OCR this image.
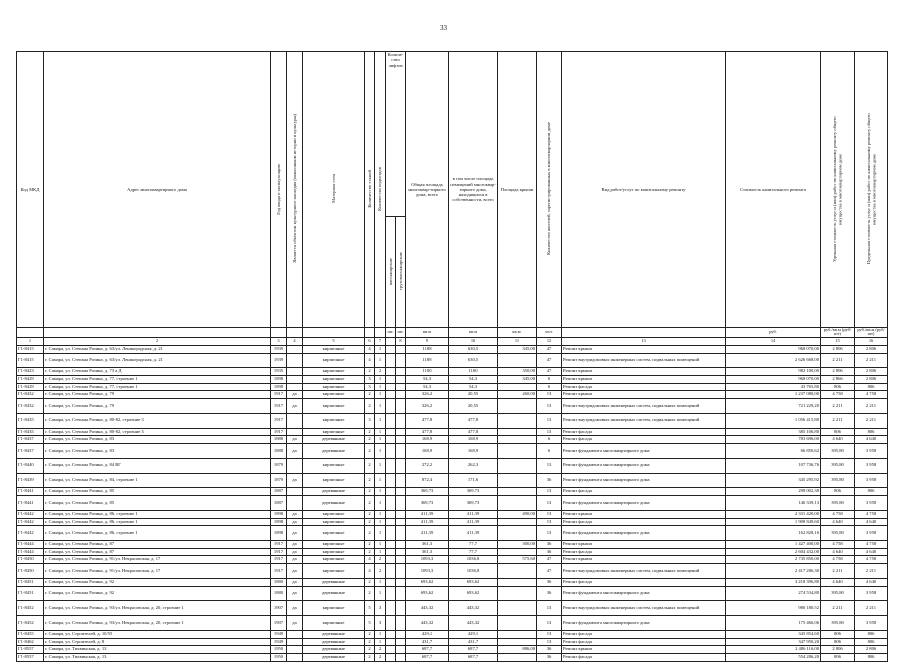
33
Код МКД	Адрес многоквартирного дома	Год ввода в эксплуатацию	Является объектом культурного наследия (памятником истории и культуры)	Материал стен	Количество этажей	Количество подъездов	Количе-ство лифтов		Общая площадь многоквар-тирного дома, всего	в том числе площадь помещений многоквар-тирного дома, находящихся в собственности, всего	Площадь крыши	Количество жителей, зарегистрированных в многоквартирном доме	Вид работ/услуг по капитальному ремонту	Стоимость капитального ремонта	Удельная стоимость услуг и (или) работ по капитальному ремонту общего имущества в многоквартирном доме	Предельная стоимость услуг и (или) работ по капитальному ремонту общего имущества в многоквартирном доме
							пассажирские	грузопассажирские								
							шт.	шт.	кв.м	кв.м	кв.м.	чел.		руб.	руб./кв.м (руб/шт)	руб./кв.м (руб/шт)
1	2	3	4	5	6	7		8	9	10	11	12	13	14	15	16
Г1-8415	г. Самара, ул. Степана Разина, д. 63/ул. Ленинградская, д. 21	1939		кирпичные	4	1			1188	630,5	345,00	47	Ремонт крыши	968 070,00	2 806	2 806
Г1-8415	г. Самара, ул. Степана Разина, д. 63/ул. Ленинградская, д. 21	1939		кирпичные	4	1			1188	630,5		47	Ремонт внутридомовых инженерных систем, подвальных помещений	2 626 668,00	2 211	2 211
Г1-8423	г. Самара, ул. Степана Разина, д. 73 а Д	1935		кирпичные	2	2			1100	1100	350,00	47	Ремонт крыши	982 100,00	2 806	2 806
Г1-8429	г. Самара, ул. Степана Разина, д. 77, строение 1	1898		кирпичные	3	1			54,3	54,3	345,00	6	Ремонт крыши	968 070,00	2 866	2 806
Г1-8429	г. Самара, ул. Степана Разина, д. 77, строение 1	1898		кирпичные	3	1			54,3	54,3		6	Ремонт фасада	43 765,80	806	806
Г1-8432	г. Самара, ул. Степана Разина, д. 79	1917	да	кирпичные	2	1			326,2	20,55	260,00	13	Ремонт крыши	1 237 080,00	4 758	4 758
Г1-8432	г. Самара, ул. Степана Разина, д. 79	1917	да	кирпичные	2	1			326,2	20,55		13	Ремонт внутридомовых инженерных систем, подвальных помещений	721 229,20	2 211	2 211
Г1-8435	г. Самара, ул. Степана Разина, д. 80-82, строение 3	1917		кирпичные	3	1			477,8	477,8		13	Ремонт внутридомовых инженерных систем, подвальных помещений	1 056 415,80	2 211	2 211
Г1-8435	г. Самара, ул. Степана Разина, д. 80-82, строение 3	1917		кирпичные	2	1			477,8	477,8		13	Ремонт фасада	385 106,80	806	806
Г1-8437	г. Самара, ул. Степана Разина, д. 83	1888	да	деревянные	2	1			168,9	168,9		6	Ремонт фасада	783 696,00	4 640	4 640
Г1-8437	г. Самара, ул. Степана Разина, д. 83	1888	да	деревянные	2	1			168,9	168,9		6	Ремонт фундамента многоквартирного дома	66 850,62	395,80	3 958
Г1-8440	г. Самара, ул. Степана Разина, д. 84 ВГ	1879		кирпичные	2	1			272,2	262,3		13	Ремонт фундамента многоквартирного дома	107 736,76	395,80	3 958
Г1-8439	г. Самара, ул. Степана Разина, д. 84, строение 1	1879	да	кирпичные	2	1			872,4	171,6		36	Ремонт фундамента многоквартирного дома	345 295,92	395,80	3 958
Г1-8441	г. Самара, ул. Степана Разина, д. 85	1887		деревянные	2	1			369,73	369,73		13	Ремонт фасада	298 002,38	806	806
Г1-8441	г. Самара, ул. Степана Разина, д. 85	1887		деревянные	2	1			369,73	369,73		13	Ремонт фундамента многоквартирного дома	146 339,13	395,80	3 958
Г1-8442	г. Самара, ул. Степана Разина, д. 86, строение 1	1898	да	кирпичные	2	1			411,39	411,39	490,00	13	Ремонт крыши	2 331 420,00	4 758	4 758
Г1-8442	г. Самара, ул. Степана Разина, д. 86, строение 1	1898	да	кирпичные	2	1			411,39	411,39		13	Ремонт фасада	1 908 849,60	4 640	4 640
Г1-8442	г. Самара, ул. Степана Разина, д. 86, строение 1	1898	да	кирпичные	2	1			411,39	411,39		13	Ремонт фундамента многоквартирного дома	162 828,16	395,80	3 958
Г1-8444	г. Самара, ул. Степана Разина, д. 87	1917	да	кирпичные	2	1			361,3	77,7	300,00	36	Ремонт крыши	1 427 400,00	4 758	4 758
Г1-8444	г. Самара, ул. Степана Разина, д. 87	1917	да	кирпичные	2	1			361,3	77,7		36	Ремонт фасада	2 604 432,00	4 640	4 640
Г1-8450	г. Самара, ул. Степана Разина, д. 91/ул. Некрасовская, д. 17	1917	да	кирпичные	4	2			1093,3	1036,8	575,60	47	Ремонт крыши	2 735 850,00	4 758	4 758
Г1-8450	г. Самара, ул. Степана Разина, д. 91/ул. Некрасовская, д. 17	1917	да	кирпичные	4	2			1093,3	1036,8		47	Ремонт внутридомовых инженерных систем, подвальных помещений	2 417 286,30	2 211	2 211
Г1-8451	г. Самара, ул. Степана Разина, д. 92	1880	да	деревянные	2	1			693,62	693,62		36	Ремонт фасада	3 218 396,80	4 640	4 640
Г1-8451	г. Самара, ул. Степана Разина, д. 92	1880	да	деревянные	2	1			693,62	693,62		36	Ремонт фундамента многоквартирного дома	274 534,80	395,80	3 958
Г1-8452	г. Самара, ул. Степана Разина, д. 93/ул. Некрасовская, д. 20, строение 1	1907	да	кирпичные	5	3			443,32	443,32		13	Ремонт внутридомовых инженерных систем, подвальных помещений	980 180,52	2 211	2 211
Г1-8452	г. Самара, ул. Степана Разина, д. 93/ул. Некрасовская, д. 20, строение 1	1907	да	кирпичные	5	3			443,32	443,32		13	Ремонт фундамента многоквартирного дома	175 466,06	395,80	3 958
Г1-8455	г. Самара, ул. Строителей, д. 10/55	1949		деревянные	2	1			429,1	429,1		13	Ремонт фасада	345 854,60	806	806
Г1-8462	г. Самара, ул. Строителей, д. 8	1949		деревянные	2	1			431,7	431,7		13	Ремонт фасада	347 950,20	806	806
Г1-8557	г. Самара, ул. Тихвинская, д. 13	1950		деревянные	2	2			687,7	687,7	886,00	36	Ремонт крыши	2 486 116,00	2 806	2 806
Г1-8557	г. Самара, ул. Тихвинская, д. 13	1950		деревянные	2	2			687,7	687,7		36	Ремонт фасада	554 286,20	806	806
